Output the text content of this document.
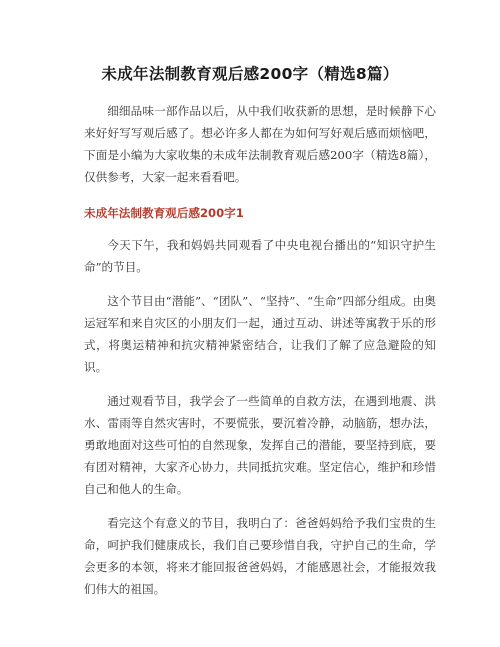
未成年法制教育观后感200字（精选8篇）

细细品味一部作品以后，从中我们收获新的思想，是时候静下心来好好写写观后感了。想必许多人都在为如何写好观后感而烦恼吧，下面是小编为大家收集的未成年法制教育观后感200字（精选8篇），仅供参考，大家一起来看看吧。

未成年法制教育观后感200字1

今天下午，我和妈妈共同观看了中央电视台播出的“知识守护生命”的节目。

这个节目由“潜能”、“团队”、“坚持”、“生命”四部分组成。由奥运冠军和来自灾区的小朋友们一起，通过互动、讲述等寓教于乐的形式，将奥运精神和抗灾精神紧密结合，让我们了解了应急避险的知识。

通过观看节目，我学会了一些简单的自救方法，在遇到地震、洪水、雷雨等自然灾害时，不要慌张，要沉着冷静，动脑筋，想办法，勇敢地面对这些可怕的自然现象，发挥自己的潜能，要坚持到底，要有团对精神，大家齐心协力，共同抵抗灾难。坚定信心，维护和珍惜自己和他人的生命。

看完这个有意义的节目，我明白了：爸爸妈妈给予我们宝贵的生命，呵护我们健康成长，我们自己要珍惜自我，守护自己的生命，学会更多的本领，将来才能回报爸爸妈妈，才能感恩社会，才能报效我们伟大的祖国。
